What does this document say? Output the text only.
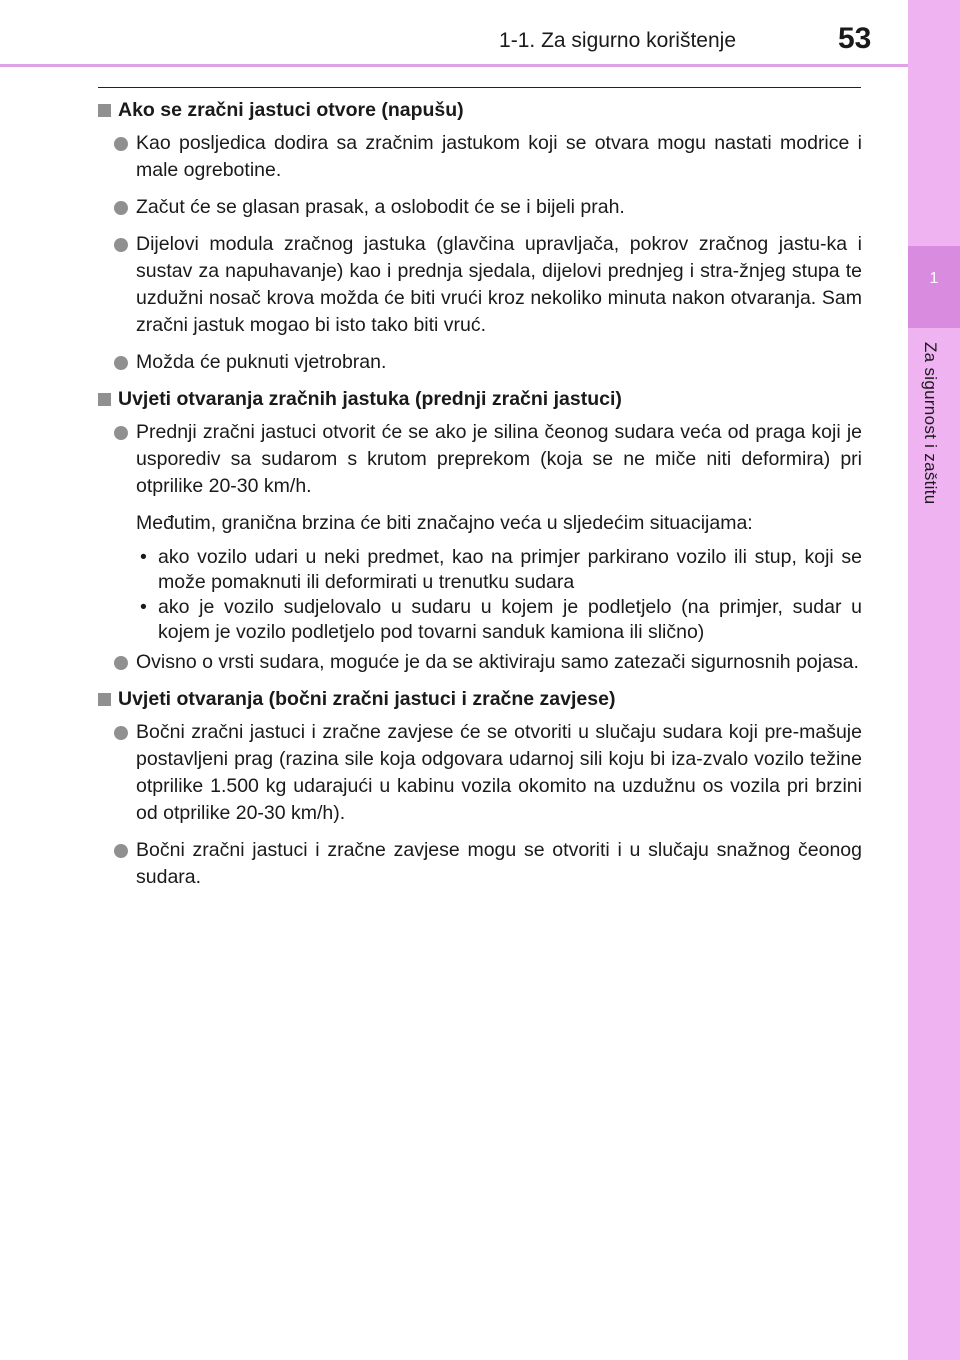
1-1. Za sigurno korištenje	53
1
Za sigurnost i zaštitu
Ako se zračni jastuci otvore (napušu)
Kao posljedica dodira sa zračnim jastukom koji se otvara mogu nastati modrice i male ogrebotine.
Začut će se glasan prasak, a oslobodit će se i bijeli prah.
Dijelovi modula zračnog jastuka (glavčina upravljača, pokrov zračnog jastu-ka i sustav za napuhavanje) kao i prednja sjedala, dijelovi prednjeg i stra-žnjeg stupa te uzdužni nosač krova možda će biti vrući kroz nekoliko minuta nakon otvaranja. Sam zračni jastuk mogao bi isto tako biti vruć.
Možda će puknuti vjetrobran.
Uvjeti otvaranja zračnih jastuka (prednji zračni jastuci)
Prednji zračni jastuci otvorit će se ako je silina čeonog sudara veća od praga koji je usporediv sa sudarom s krutom preprekom (koja se ne miče niti deformira) pri otprilike 20-30 km/h.
Međutim, granična brzina će biti značajno veća u sljedećim situacijama:
• ako vozilo udari u neki predmet, kao na primjer parkirano vozilo ili stup, koji se može pomaknuti ili deformirati u trenutku sudara
• ako je vozilo sudjelovalo u sudaru u kojem je podletjelo (na primjer, sudar u kojem je vozilo podletjelo pod tovarni sanduk kamiona ili slično)
Ovisno o vrsti sudara, moguće je da se aktiviraju samo zatezači sigurnosnih pojasa.
Uvjeti otvaranja (bočni zračni jastuci i zračne zavjese)
Bočni zračni jastuci i zračne zavjese će se otvoriti u slučaju sudara koji pre-mašuje postavljeni prag (razina sile koja odgovara udarnoj sili koju bi iza-zvalo vozilo težine otprilike 1.500 kg udarajući u kabinu vozila okomito na uzdužnu os vozila pri brzini od otprilike 20-30 km/h).
Bočni zračni jastuci i zračne zavjese mogu se otvoriti i u slučaju snažnog čeonog sudara.
